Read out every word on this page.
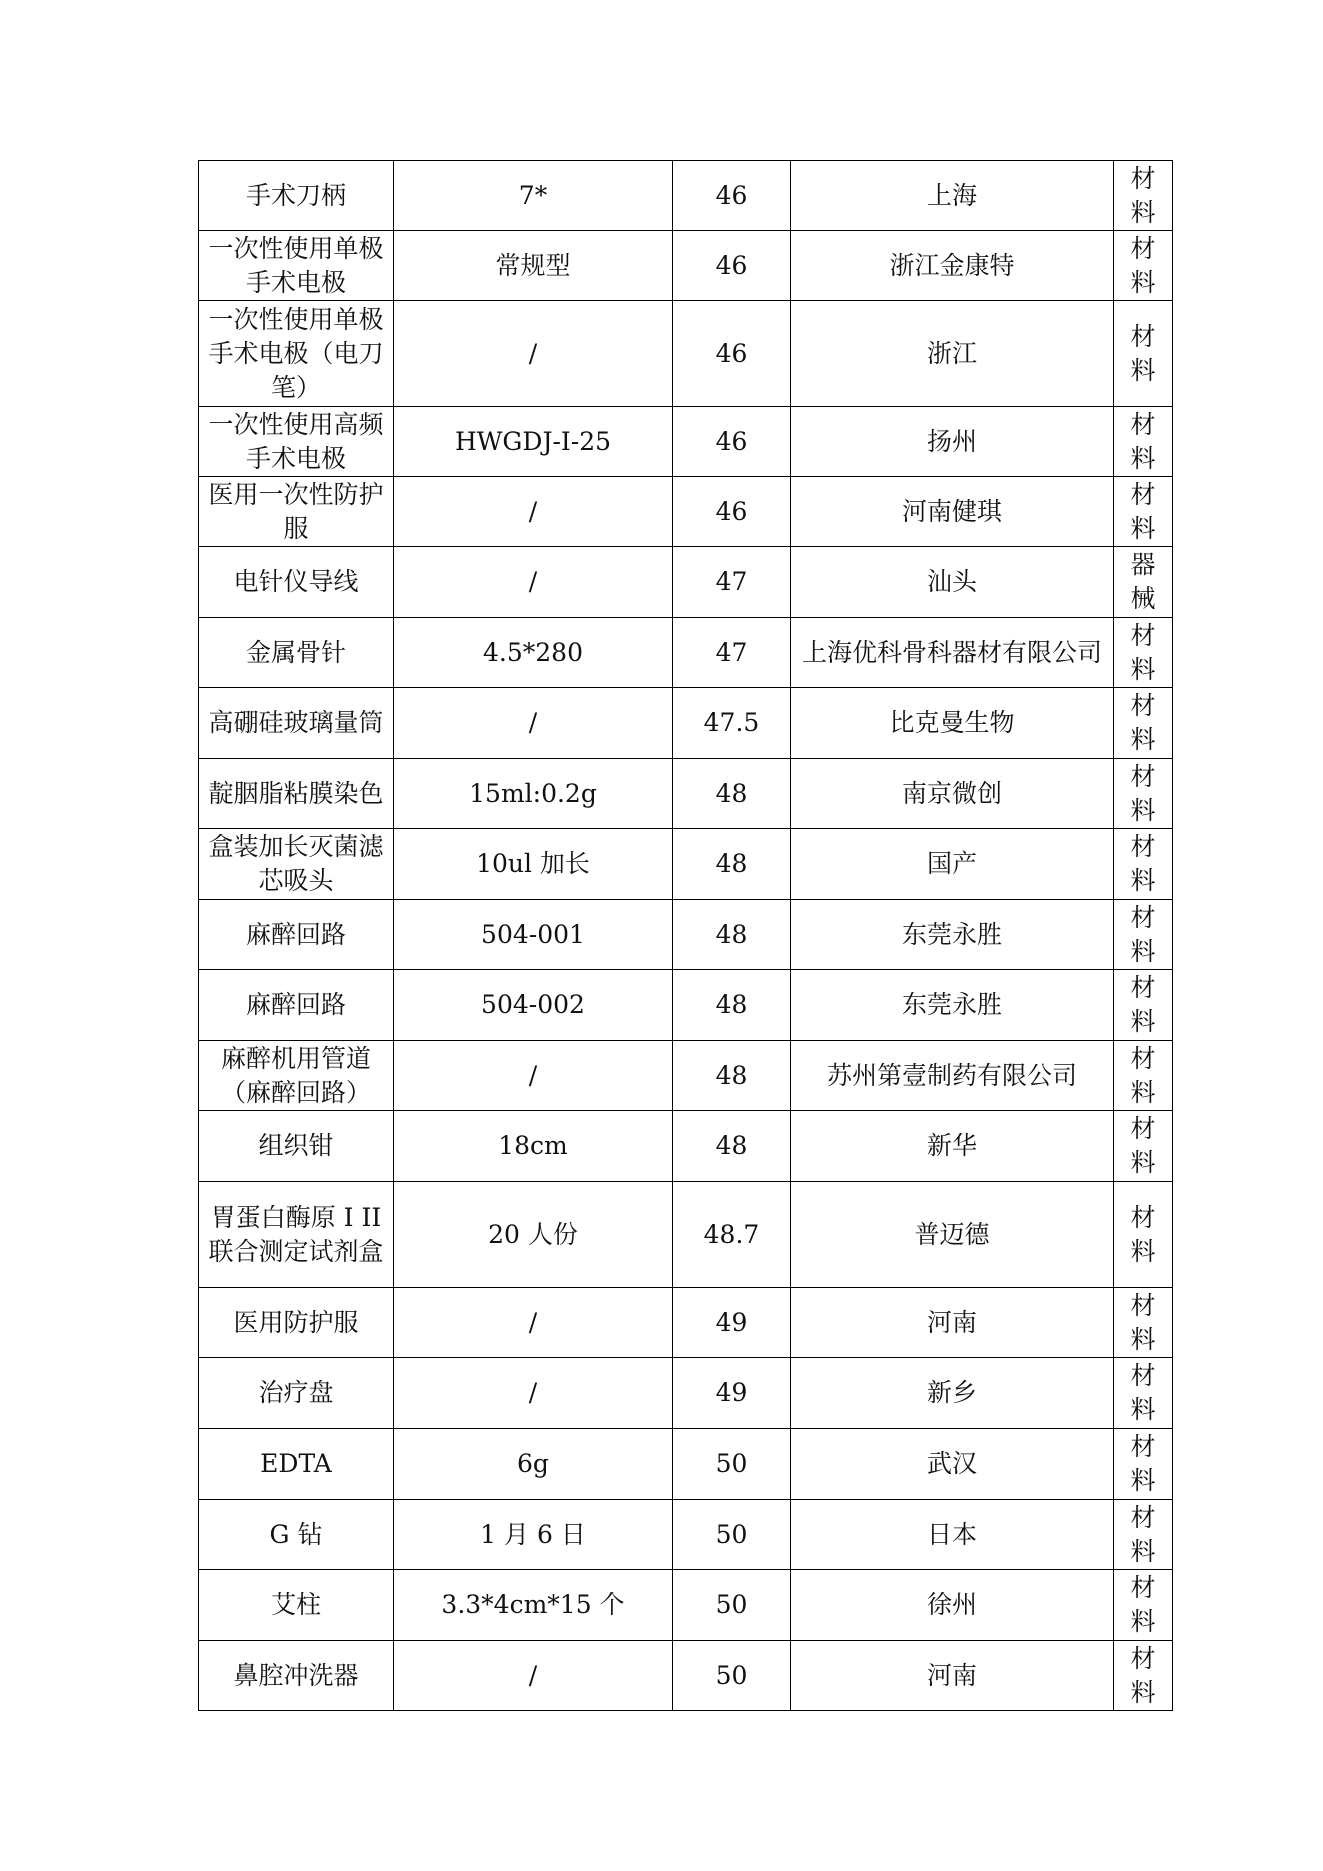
手术刀柄	7*	46	上海	材料
一次性使用单极手术电极	常规型	46	浙江金康特	材料
一次性使用单极手术电极（电刀笔）	/	46	浙江	材料
一次性使用高频手术电极	HWGDJ-I-25	46	扬州	材料
医用一次性防护服	/	46	河南健琪	材料
电针仪导线	/	47	汕头	器械
金属骨针	4.5*280	47	上海优科骨科器材有限公司	材料
高硼硅玻璃量筒	/	47.5	比克曼生物	材料
靛胭脂粘膜染色	15ml:0.2g	48	南京微创	材料
盒装加长灭菌滤芯吸头	10ul 加长	48	国产	材料
麻醉回路	504-001	48	东莞永胜	材料
麻醉回路	504-002	48	东莞永胜	材料
麻醉机用管道（麻醉回路）	/	48	苏州第壹制药有限公司	材料
组织钳	18cm	48	新华	材料
胃蛋白酶原 I II 联合测定试剂盒	20 人份	48.7	普迈德	材料
医用防护服	/	49	河南	材料
治疗盘	/	49	新乡	材料
EDTA	6g	50	武汉	材料
G 钻	1 月 6 日	50	日本	材料
艾柱	3.3*4cm*15 个	50	徐州	材料
鼻腔冲洗器	/	50	河南	材料
